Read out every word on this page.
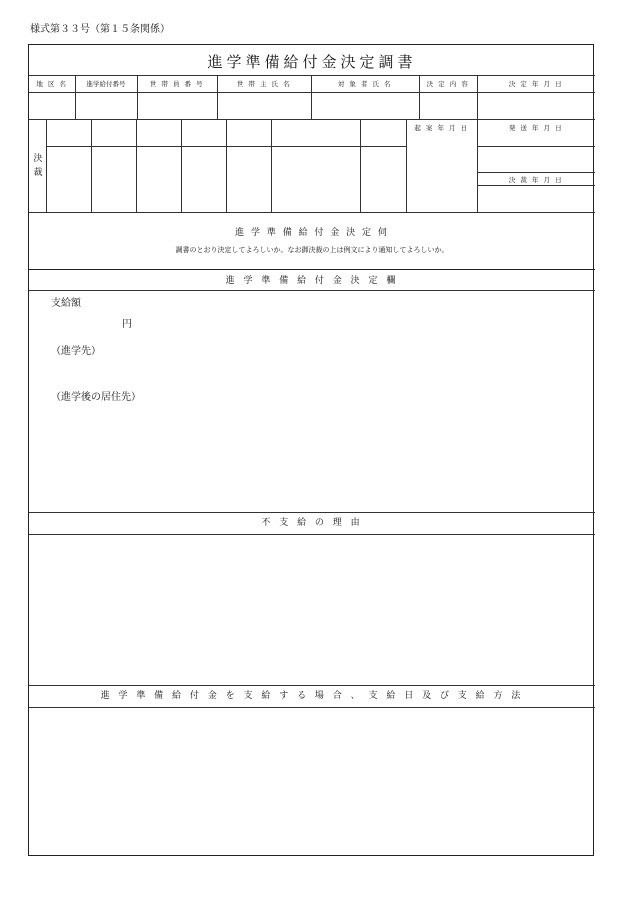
様式第３３号（第１５条関係）
進学準備給付金決定調書
地 区 名	進学給付番号	世 帯 員 番 号	世 帯 主 氏 名	対 象 者 氏 名	決 定 内 容	決 定 年 月 日
決
裁
起 案 年 月 日	発 送 年 月 日
決 裁 年 月 日
進 学 準 備 給 付 金 決 定 伺
調書のとおり決定してよろしいか。なお御決裁の上は例文により通知してよろしいか。
進 学 準 備 給 付 金 決 定 欄
支給額
円
（進学先）
（進学後の居住先）
不 支 給 の 理 由
進 学 準 備 給 付 金 を 支 給 す る 場 合 、 支 給 日 及 び 支 給 方 法
